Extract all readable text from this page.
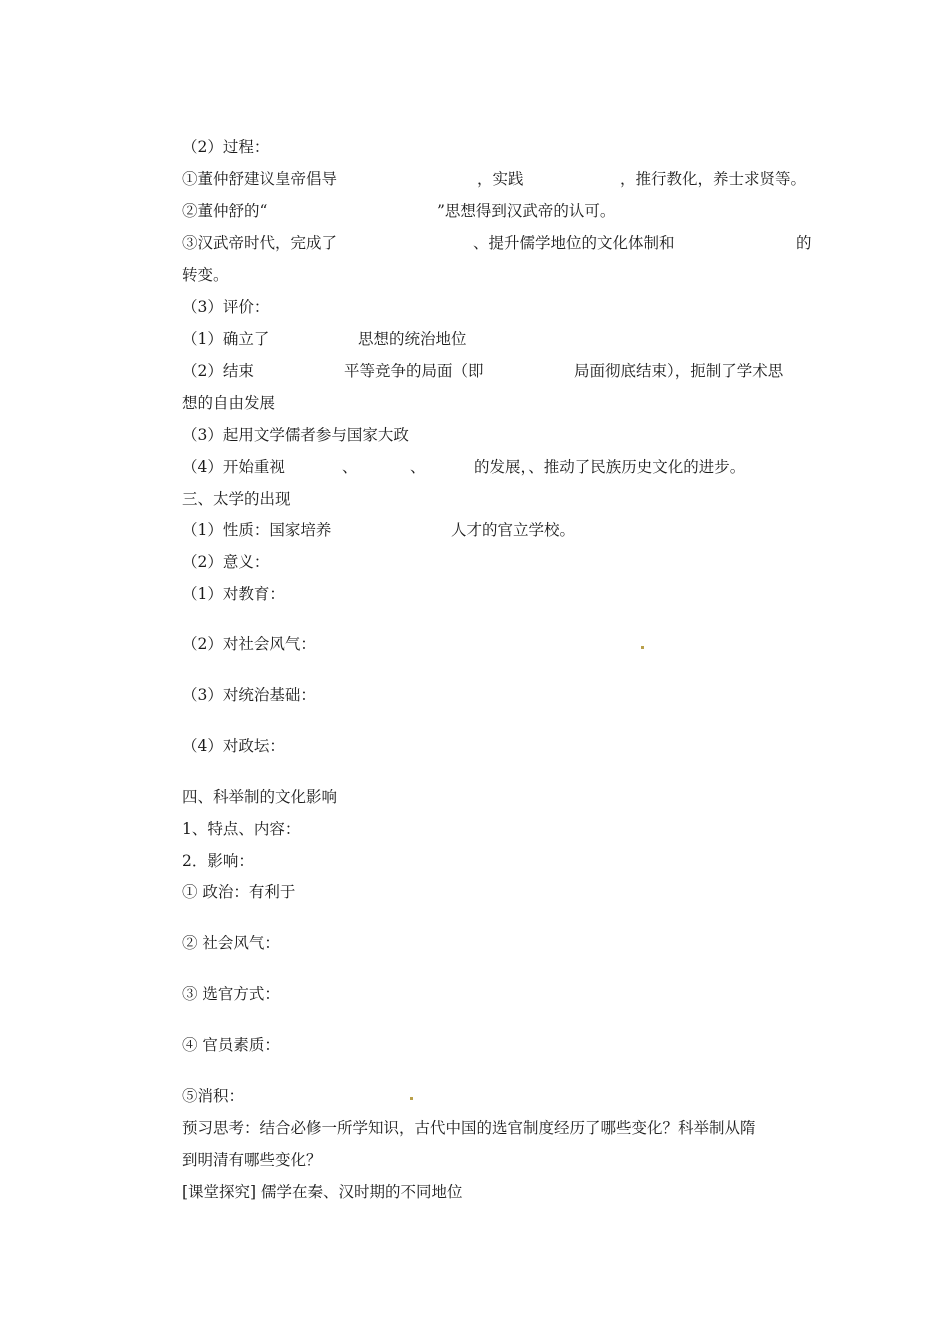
（2）过程：
①董仲舒建议皇帝倡导	，实践	，推行教化，养士求贤等。
②董仲舒的“	”思想得到汉武帝的认可。
③汉武帝时代，完成了	、提升儒学地位的文化体制和	的
转变。
（3）评价：
（1）确立了	思想的统治地位
（2）结束	平等竞争的局面（即	局面彻底结束），扼制了学术思
想的自由发展
（3）起用文学儒者参与国家大政
（4）开始重视	、	、	的发展，、推动了民族历史文化的进步。
三、太学的出现
（1）性质：国家培养	人才的官立学校。
（2）意义：
（1）对教育：
（2）对社会风气：
（3）对统治基础：
（4）对政坛：
四、科举制的文化影响
1、特点、内容：
2．影响：
① 政治：有利于
② 社会风气：
③ 选官方式：
④ 官员素质：
⑤消积：
预习思考：结合必修一所学知识，古代中国的选官制度经历了哪些变化？科举制从隋
到明清有哪些变化？
[课堂探究] 儒学在秦、汉时期的不同地位
